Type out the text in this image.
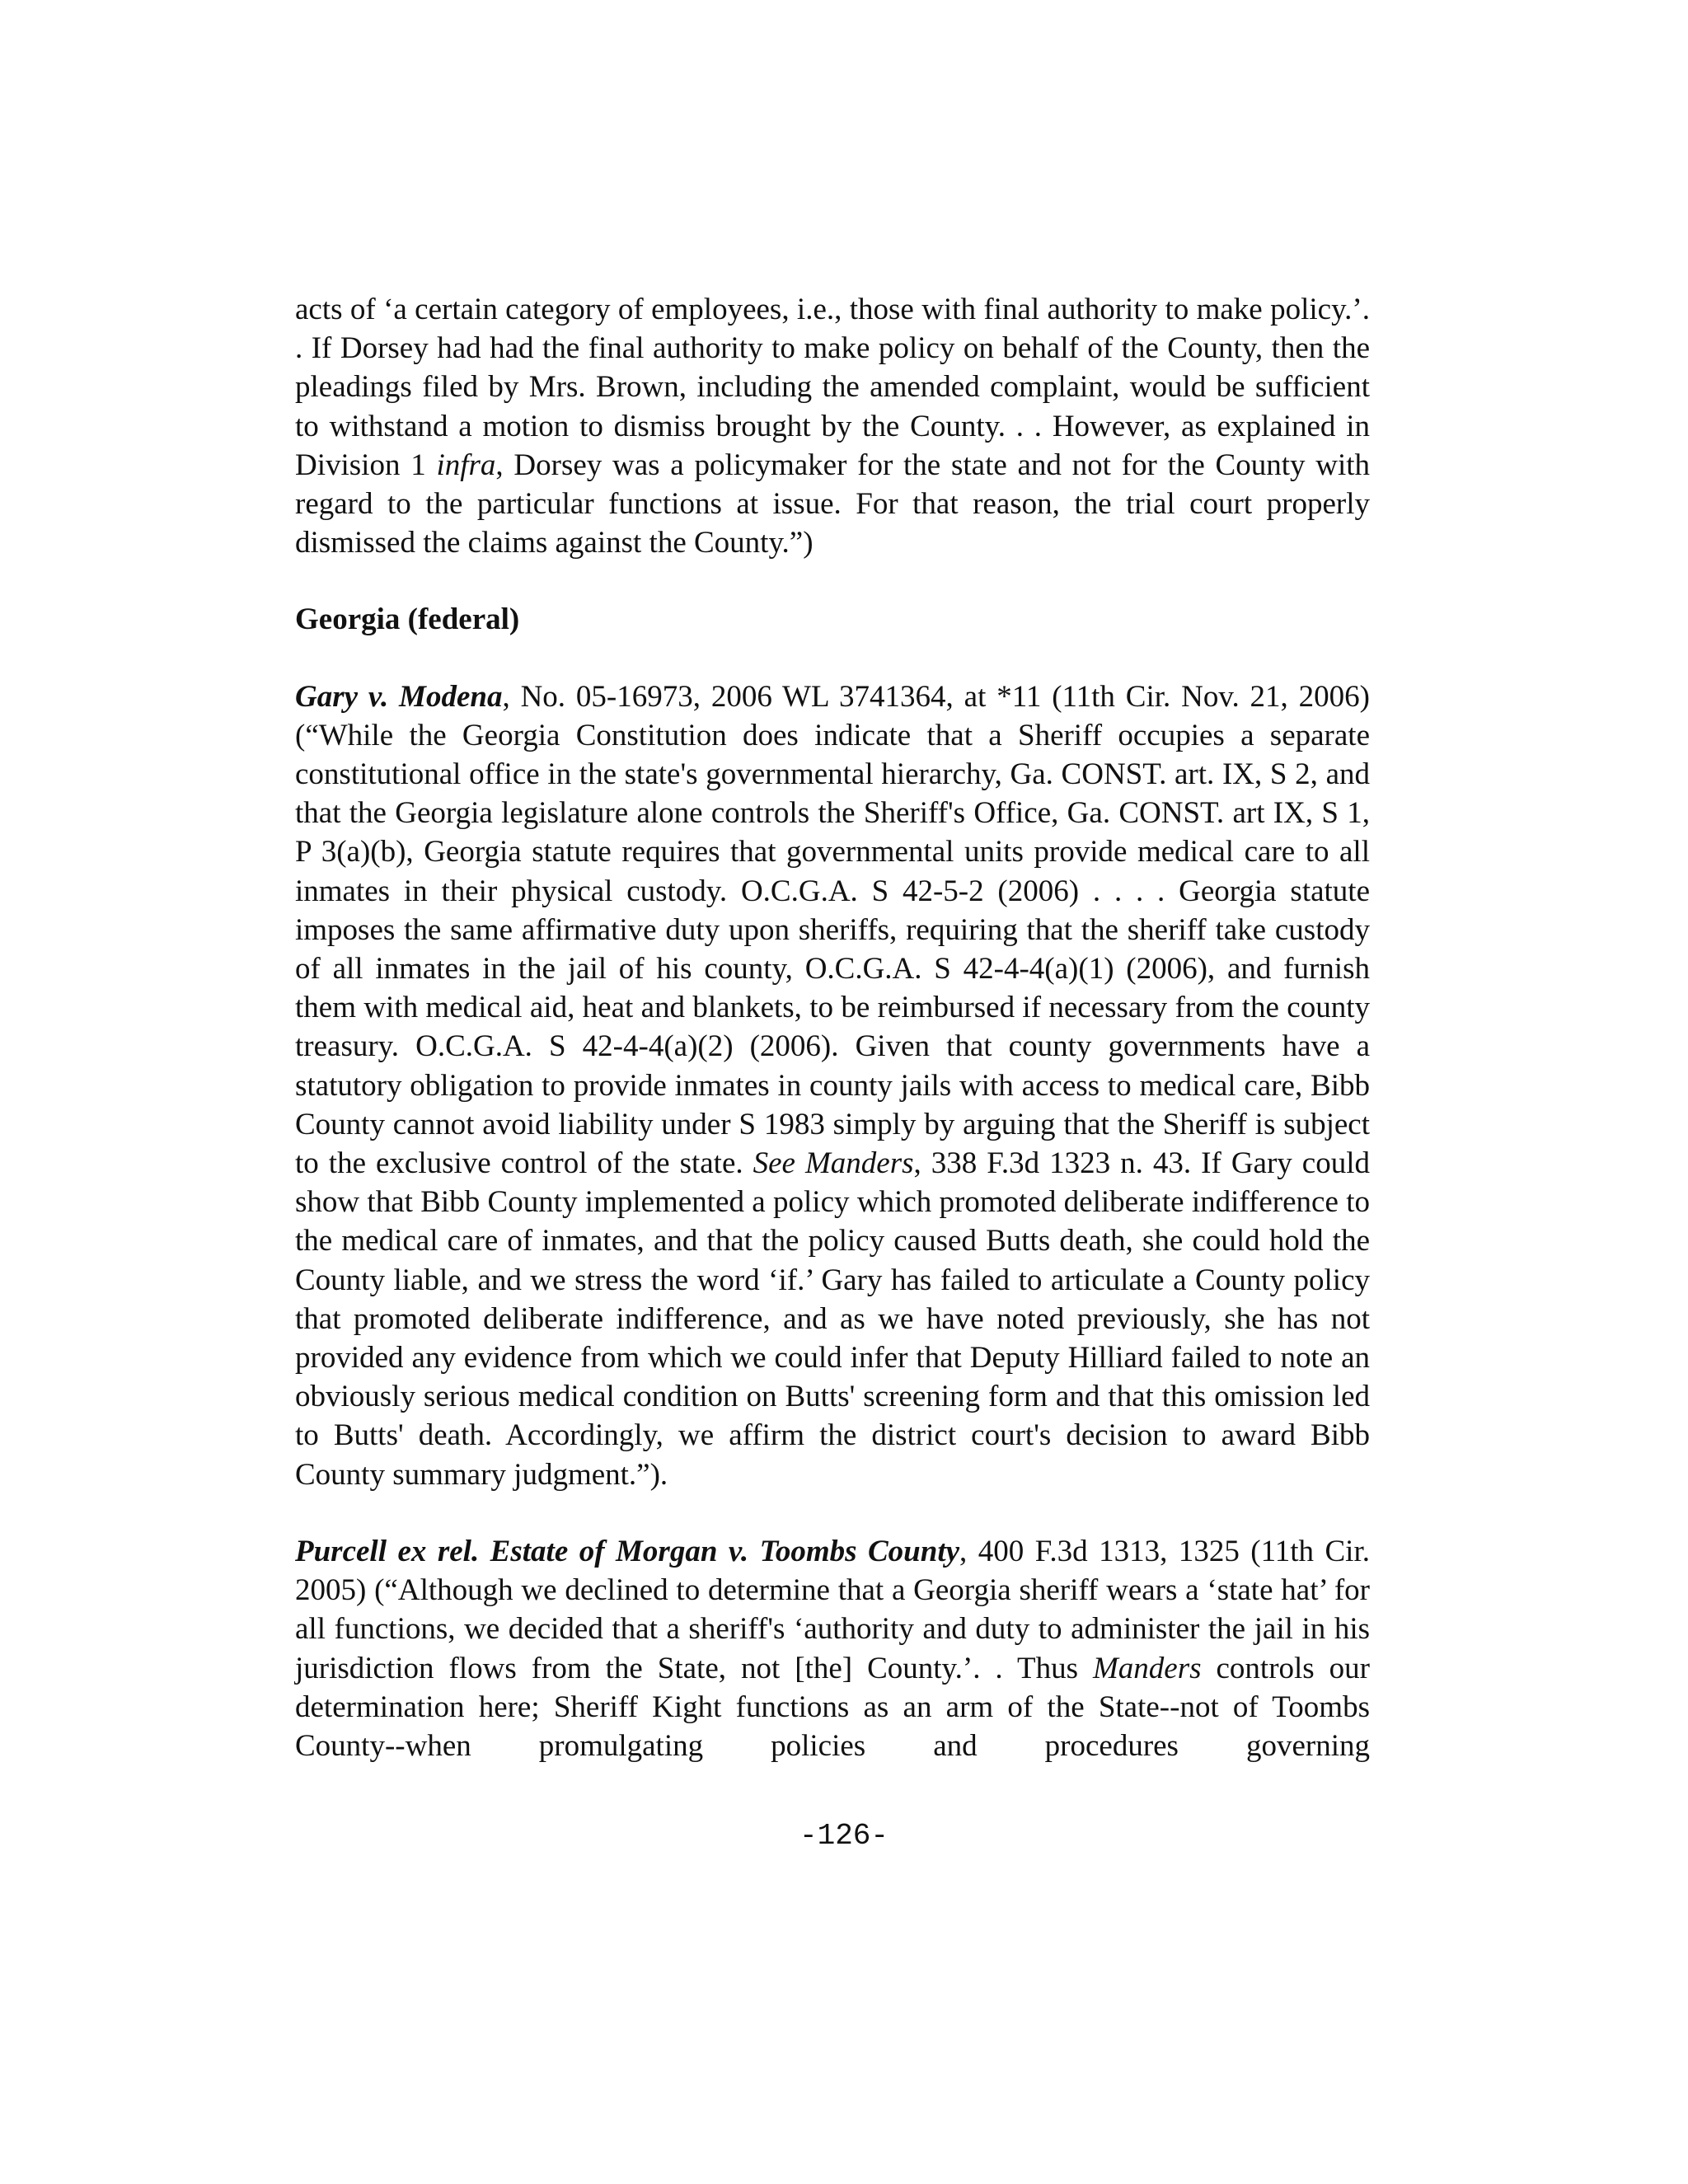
acts of ‘a certain category of employees, i.e., those with final authority to make policy.’. . If Dorsey had had the final authority to make policy on behalf of the County, then the pleadings filed by Mrs. Brown, including the amended complaint, would be sufficient to withstand a motion to dismiss brought by the County. . . However, as explained in Division 1 infra, Dorsey was a policymaker for the state and not for the County with regard to the particular functions at issue. For that reason, the trial court properly dismissed the claims against the County.”)

Georgia (federal)

Gary v. Modena, No. 05-16973, 2006 WL 3741364, at *11 (11th Cir. Nov. 21, 2006) (“While the Georgia Constitution does indicate that a Sheriff occupies a separate constitutional office in the state's governmental hierarchy, Ga. CONST. art. IX, S 2, and that the Georgia legislature alone controls the Sheriff's Office, Ga. CONST. art IX, S 1, P 3(a)(b), Georgia statute requires that governmental units provide medical care to all inmates in their physical custody. O.C.G.A. S 42-5-2 (2006) . . . . Georgia statute imposes the same affirmative duty upon sheriffs, requiring that the sheriff take custody of all inmates in the jail of his county, O.C.G.A. S 42-4-4(a)(1) (2006), and furnish them with medical aid, heat and blankets, to be reimbursed if necessary from the county treasury. O.C.G.A. S 42-4-4(a)(2) (2006). Given that county governments have a statutory obligation to provide inmates in county jails with access to medical care, Bibb County cannot avoid liability under S 1983 simply by arguing that the Sheriff is subject to the exclusive control of the state. See Manders, 338 F.3d 1323 n. 43. If Gary could show that Bibb County implemented a policy which promoted deliberate indifference to the medical care of inmates, and that the policy caused Butts death, she could hold the County liable, and we stress the word ‘if.’ Gary has failed to articulate a County policy that promoted deliberate indifference, and as we have noted previously, she has not provided any evidence from which we could infer that Deputy Hilliard failed to note an obviously serious medical condition on Butts' screening form and that this omission led to Butts' death. Accordingly, we affirm the district court's decision to award Bibb County summary judgment.”).

Purcell ex rel. Estate of Morgan v. Toombs County, 400 F.3d 1313, 1325 (11th Cir. 2005) (“Although we declined to determine that a Georgia sheriff wears a ‘state hat’ for all functions, we decided that a sheriff's ‘authority and duty to administer the jail in his jurisdiction flows from the State, not [the] County.’. . Thus Manders controls our determination here; Sheriff Kight functions as an arm of the State--not of Toombs County--when promulgating policies and procedures governing

-126-
